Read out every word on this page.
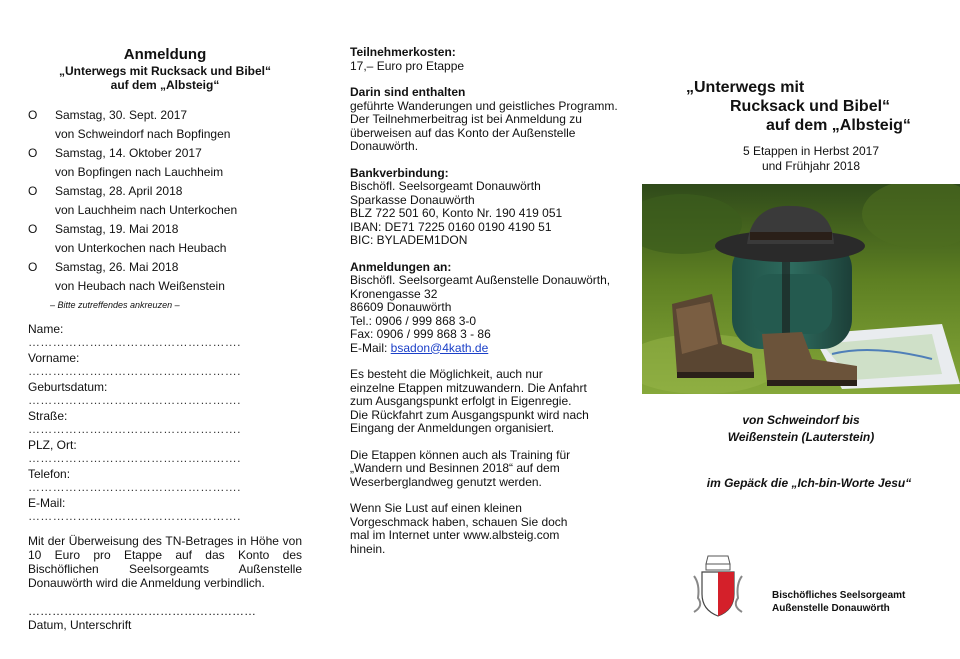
Anmeldung
„Unterwegs mit Rucksack und Bibel“
auf dem „Albsteig“
O	Samstag, 30. Sept. 2017
von Schweindorf nach Bopfingen
O	Samstag, 14. Oktober 2017
von Bopfingen nach Lauchheim
O	Samstag, 28. April 2018
von Lauchheim nach Unterkochen
O	Samstag, 19. Mai 2018
von Unterkochen nach Heubach
O	Samstag, 26. Mai 2018
von Heubach nach Weißenstein
– Bitte zutreffendes ankreuzen –
Name:
…………………………………………….
Vorname:
…………………………………………….
Geburtsdatum:
…………………………………………….
Straße:
…………………………………………….
PLZ, Ort:
…………………………………………….
Telefon:
…………………………………………….
E-Mail:
…………………………………………….
Mit der Überweisung des TN-Betrages in Höhe von 10 Euro pro Etappe auf das Konto des Bischöflichen Seelsorgeamts Außenstelle Donauwörth wird die Anmeldung verbindlich.
…………………………………………………
Datum, Unterschrift
Teilnehmerkosten:
17,– Euro pro Etappe
Darin sind enthalten
geführte Wanderungen und geistliches Programm.
Der Teilnehmerbeitrag ist bei Anmeldung zu
überweisen auf das Konto der Außenstelle
Donauwörth.
Bankverbindung:
Bischöfl. Seelsorgeamt Donauwörth
Sparkasse Donauwörth
BLZ 722 501 60, Konto Nr. 190 419 051
IBAN: DE71 7225 0160 0190 4190 51
BIC: BYLADEM1DON
Anmeldungen an:
Bischöfl. Seelsorgeamt Außenstelle Donauwörth,
Kronengasse 32
86609 Donauwörth
Tel.: 0906 / 999 868 3-0
Fax: 0906 / 999 868 3 - 86
E-Mail: bsadon@4kath.de
Es besteht die Möglichkeit, auch nur
einzelne Etappen mitzuwandern. Die Anfahrt
zum Ausgangspunkt erfolgt in Eigenregie.
Die Rückfahrt zum Ausgangspunkt wird nach
Eingang der Anmeldungen organisiert.
Die Etappen können auch als Training für
„Wandern und Besinnen 2018“ auf dem
Weserberglandweg genutzt werden.
Wenn Sie Lust auf einen kleinen
Vorgeschmack haben, schauen Sie doch
mal im Internet unter www.albsteig.com
hinein.
„Unterwegs mit
Rucksack und Bibel“
auf dem „Albsteig“
5 Etappen in Herbst 2017
und Frühjahr 2018
von Schweindorf bis
Weißenstein (Lauterstein)
im Gepäck die „Ich-bin-Worte Jesu“
Bischöfliches Seelsorgeamt
Außenstelle Donauwörth
